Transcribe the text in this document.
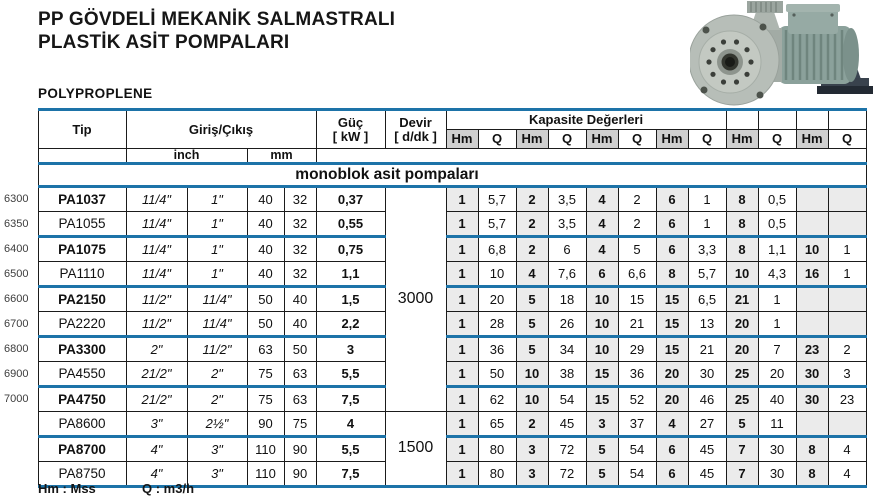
PP GÖVDELİ MEKANİK SALMASTRALI
PLASTİK ASİT POMPALARI
POLYPROPLENE
	Tip	Giriş/Çıkış	Güç
[ kW ]

Devir
[ d/dk ]
	Kapasite Değerleri				
								Hm	Q	Hm	Q	Hm	Q	Hm	Q	Hm	Q	Hm	Q
		inch		mm															
	monoblok asit pompaları																		
6300	PA1037	11/4"	1"	40	32	0,37	3000	1	5,7	2	3,5	4	2	6	1	8	0,5		
6350	PA1055	11/4"	1"	40	32	0,55		1	5,7	2	3,5	4	2	6	1	8	0,5		
6400	PA1075	11/4"	1"	40	32	0,75		1	6,8	2	6	4	5	6	3,3	8	1,1	10	1
6500	PA1110	11/4"	1"	40	32	1,1		1	10	4	7,6	6	6,6	8	5,7	10	4,3	16	1
6600	PA2150	11/2"	11/4"	50	40	1,5		1	20	5	18	10	15	15	6,5	21	1		
6700	PA2220	11/2"	11/4"	50	40	2,2		1	28	5	26	10	21	15	13	20	1		
6800	PA3300	2"	11/2"	63	50	3		1	36	5	34	10	29	15	21	20	7	23	2
6900	PA4550	21/2"	2"	75	63	5,5		1	50	10	38	15	36	20	30	25	20	30	3
7000	PA4750	21/2"	2"	75	63	7,5		1	62	10	54	15	52	20	46	25	40	30	23
	PA8600	3"	2½"	90	75	4	1500	1	65	2	45	3	37	4	27	5	11		
	PA8700	4"	3"	110	90	5,5		1	80	3	72	5	54	6	45	7	30	8	4
	PA8750	4"	3"	110	90	7,5		1	80	3	72	5	54	6	45	7	30	8	4
Hm : Mss	Q : m3/h
